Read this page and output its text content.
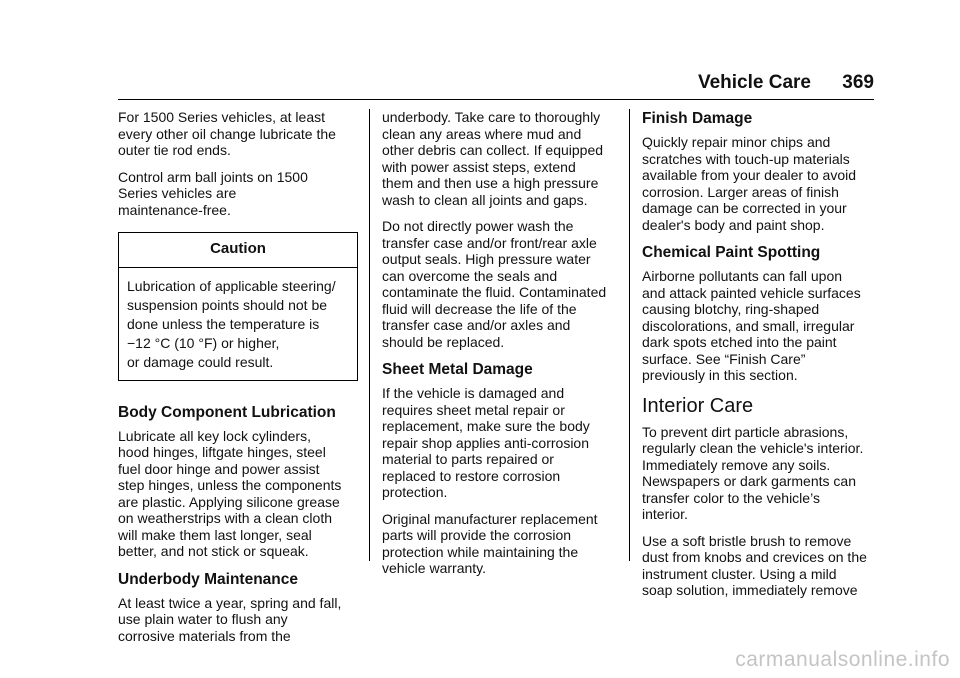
Vehicle Care 369

For 1500 Series vehicles, at least
every other oil change lubricate the
outer tie rod ends.

Control arm ball joints on 1500
Series vehicles are
maintenance-free.

Caution
Lubrication of applicable steering/
suspension points should not be
done unless the temperature is
−12 °C (10 °F) or higher,
or damage could result.
Body Component Lubrication

Lubricate all key lock cylinders,
hood hinges, liftgate hinges, steel
fuel door hinge and power assist
step hinges, unless the components
are plastic. Applying silicone grease
on weatherstrips with a clean cloth
will make them last longer, seal
better, and not stick or squeak.

Underbody Maintenance

At least twice a year, spring and fall,
use plain water to flush any
corrosive materials from the

underbody. Take care to thoroughly
clean any areas where mud and
other debris can collect. If equipped
with power assist steps, extend
them and then use a high pressure
wash to clean all joints and gaps.

Do not directly power wash the
transfer case and/or front/rear axle
output seals. High pressure water
can overcome the seals and
contaminate the fluid. Contaminated
fluid will decrease the life of the
transfer case and/or axles and
should be replaced.

Sheet Metal Damage

If the vehicle is damaged and
requires sheet metal repair or
replacement, make sure the body
repair shop applies anti-corrosion
material to parts repaired or
replaced to restore corrosion
protection.

Original manufacturer replacement
parts will provide the corrosion
protection while maintaining the
vehicle warranty.

Finish Damage

Quickly repair minor chips and
scratches with touch-up materials
available from your dealer to avoid
corrosion. Larger areas of finish
damage can be corrected in your
dealer's body and paint shop.

Chemical Paint Spotting

Airborne pollutants can fall upon
and attack painted vehicle surfaces
causing blotchy, ring-shaped
discolorations, and small, irregular
dark spots etched into the paint
surface. See “Finish Care”
previously in this section.

Interior Care

To prevent dirt particle abrasions,
regularly clean the vehicle's interior.
Immediately remove any soils.
Newspapers or dark garments can
transfer color to the vehicle’s
interior.

Use a soft bristle brush to remove
dust from knobs and crevices on the
instrument cluster. Using a mild
soap solution, immediately remove

carmanualsonline.info
